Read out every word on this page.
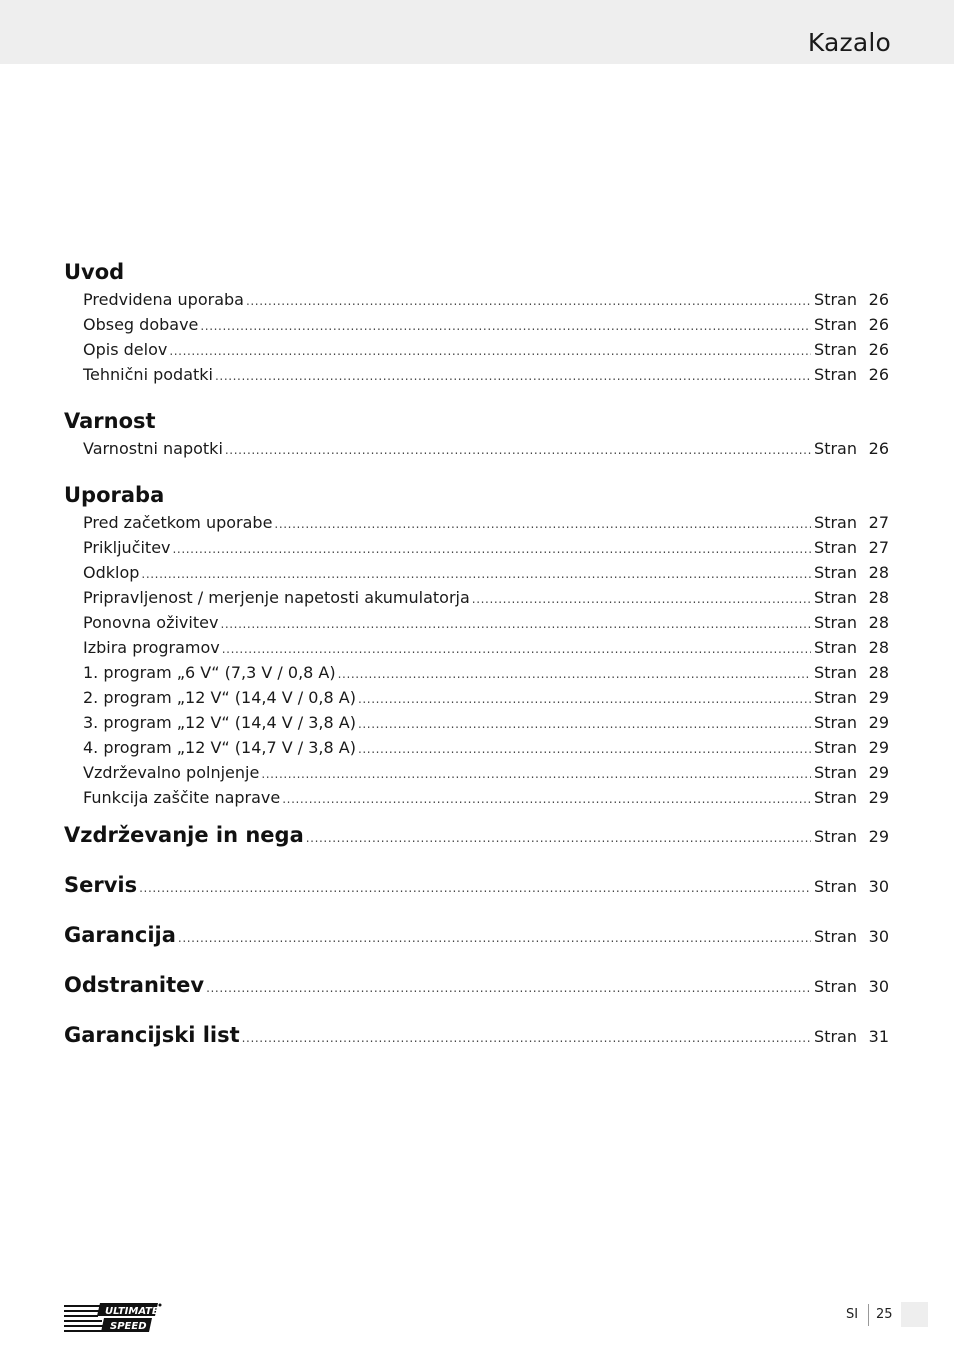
Kazalo
Uvod
Predvidena uporaba .....	Stran 26
Obseg dobave .....	Stran 26
Opis delov .....	Stran 26
Tehnični podatki .....	Stran 26
Varnost
Varnostni napotki .....	Stran 26
Uporaba
Pred začetkom uporabe .....	Stran 27
Priključitev .....	Stran 27
Odklop .....	Stran 28
Pripravljenost / merjenje napetosti akumulatorja .....	Stran 28
Ponovna oživitev .....	Stran 28
Izbira programov .....	Stran 28
1. program „6 V“ (7,3 V / 0,8 A) .....	Stran 28
2. program „12 V“ (14,4 V / 0,8 A) .....	Stran 29
3. program „12 V“ (14,4 V / 3,8 A) .....	Stran 29
4. program „12 V“ (14,7 V / 3,8 A) .....	Stran 29
Vzdrževalno polnjenje .....	Stran 29
Funkcija zaščite naprave .....	Stran 29
Vzdrževanje in nega .....	Stran 29
Servis .....	Stran 30
Garancija .....	Stran 30
Odstranitev .....	Stran 30
Garancijski list .....	Stran 31
ULTIMATE
SPEED
SI 25
